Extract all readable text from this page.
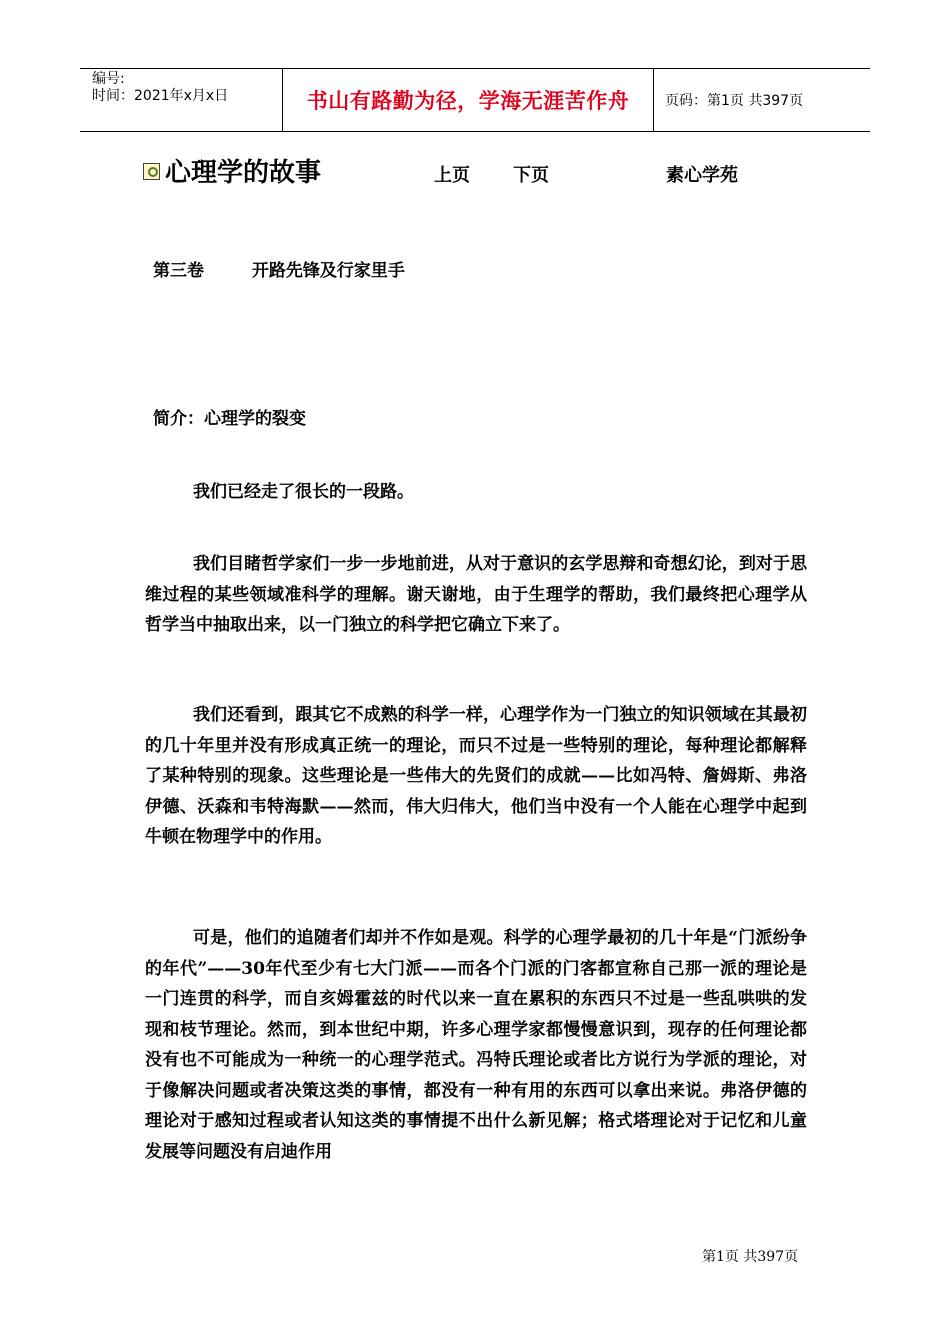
编号:
时间：2021年x月x日	书山有路勤为径，学海无涯苦作舟	页码：第1页 共397页
心理学的故事	上页 下页	素心学苑
第三卷	开路先锋及行家里手
简介：心理学的裂变

我们已经走了很长的一段路。

我们目睹哲学家们一步一步地前进，从对于意识的玄学思辩和奇想幻论，到对于思维过程的某些领域准科学的理解。谢天谢地，由于生理学的帮助，我们最终把心理学从哲学当中抽取出来，以一门独立的科学把它确立下来了。

我们还看到，跟其它不成熟的科学一样，心理学作为一门独立的知识领域在其最初的几十年里并没有形成真正统一的理论，而只不过是一些特别的理论，每种理论都解释了某种特别的现象。这些理论是一些伟大的先贤们的成就——比如冯特、詹姆斯、弗洛伊德、沃森和韦特海默——然而，伟大归伟大，他们当中没有一个人能在心理学中起到牛顿在物理学中的作用。

可是，他们的追随者们却并不作如是观。科学的心理学最初的几十年是“门派纷争的年代”——30年代至少有七大门派——而各个门派的门客都宣称自己那一派的理论是一门连贯的科学，而自亥姆霍兹的时代以来一直在累积的东西只不过是一些乱哄哄的发现和枝节理论。然而，到本世纪中期，许多心理学家都慢慢意识到，现存的任何理论都没有也不可能成为一种统一的心理学范式。冯特氏理论或者比方说行为学派的理论，对于像解决问题或者决策这类的事情，都没有一种有用的东西可以拿出来说。弗洛伊德的理论对于感知过程或者认知这类的事情提不出什么新见解；格式塔理论对于记忆和儿童发展等问题没有启迪作用

第1页 共397页
